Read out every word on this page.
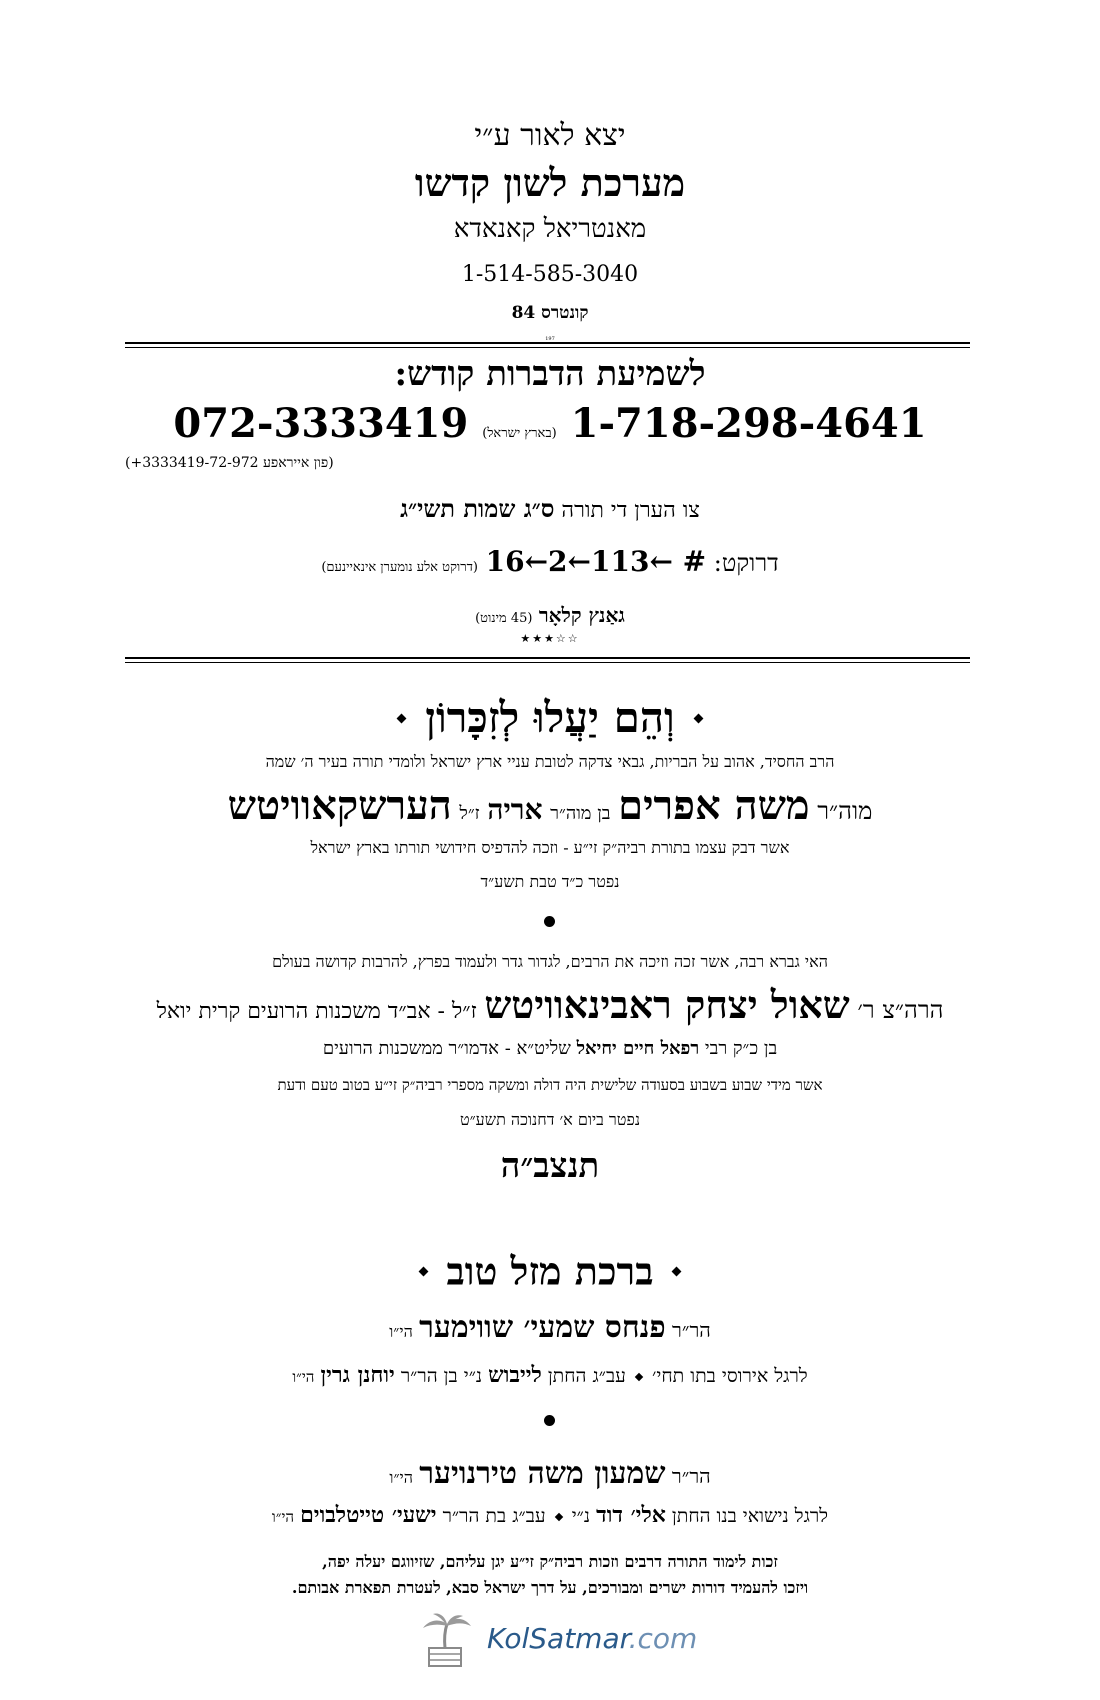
יצא לאור ע״י
מערכת לשון קדשו
מאנטריאל קאנאדא
1-514-585-3040
קונטרס 84
197
לשמיעת הדברות קודש:
1-718-298-4641 (בארץ ישראל) 072-3333419
(פון אייראפע 3333419-72-972+)
צו הערן די תורה ס״ג שמות תשי״ג
דרוקט: # ←113←2←16 (דרוקט אלע נומערן אינאיינעם)
גאַנץ קלאָר (45 מינוט)
★★★☆☆
וְהֵם יַעֲלוּ לְזִכָּרוֹן
הרב החסיד, אהוב על הבריות, גבאי צדקה לטובת עניי ארץ ישראל ולומדי תורה בעיר ה׳ שמה
מוה״ר משה אפרים בן מוה״ר אריה ז״ל הערשקאוויטש
אשר דבק עצמו בתורת רביה״ק זי״ע - וזכה להדפיס חידושי תורתו בארץ ישראל
נפטר כ״ד טבת תשע״ד
האי גברא רבה, אשר זכה וזיכה את הרבים, לגדור גדר ולעמוד בפרץ, להרבות קדושה בעולם
הרה״צ ר׳ שאול יצחק ראבינאוויטש ז״ל - אב״ד משכנות הרועים קרית יואל
בן כ״ק רבי רפאל חיים יחיאל שליט״א - אדמו״ר ממשכנות הרועים
אשר מידי שבוע בשבוע בסעודה שלישית היה דולה ומשקה מספרי רביה״ק זי״ע בטוב טעם ודעת
נפטר ביום א׳ דחנוכה תשע״ט
תנצב״ה
ברכת מזל טוב
הר״ר פנחס שמעי׳ שווימער הי״ו
לרגל אירוסי בתו תחי׳  עב״ג החתן לייבוש נ״י בן הר״ר יוחנן גרין הי״ו
הר״ר שמעון משה טירנויער הי״ו
לרגל נישואי בנו החתן אלי׳ דוד נ״י  עב״ג בת הר״ר ישעי׳ טייטלבוים הי״ו
זכות לימוד התורה דרבים וזכות רביה״ק זי״ע יגן עליהם, שזיווגם יעלה יפה,
ויזכו להעמיד דורות ישרים ומבורכים, על דרך ישראל סבא, לעטרת תפארת אבותם.
KolSatmar.com
